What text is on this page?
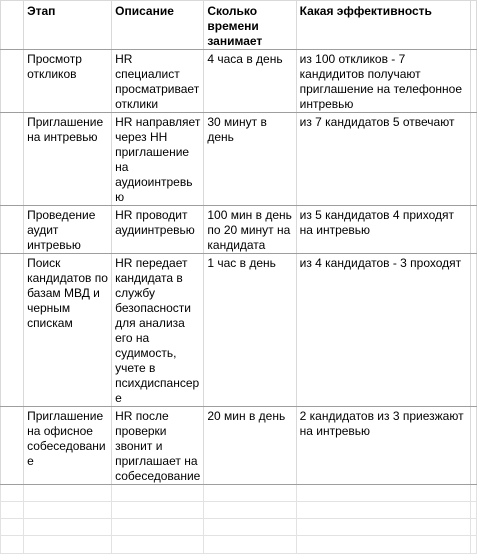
	Этап	Описание	Сколько времени занимает	Какая эффективность	
	Просмотр откликов	HR специалист просматривает отклики	4 часа в день	из 100 откликов - 7 кандидитов получают приглашение на телефонное интревью	
	Приглашение на интревью	HR направляет через НН приглашение на аудиоинтревью	30 минут в день	из 7 кандидатов 5 отвечают	
	Проведение аудит интревью	HR проводит аудиинтревью	100 мин в день по 20 минут на кандидата	из 5 кандидатов 4 приходят на интревью	
	Поиск кандидатов по базам МВД и черным спискам	HR передает кандидата в службу безопасности для анализа его на судимость, учете в психдиспансере	1 час в день	из 4 кандидатов - 3 проходят	
	Приглашение на офисное собеседование	HR после проверки звонит и приглашает на собеседование	20 мин в день	2 кандидатов из 3 приезжают на интревью	
